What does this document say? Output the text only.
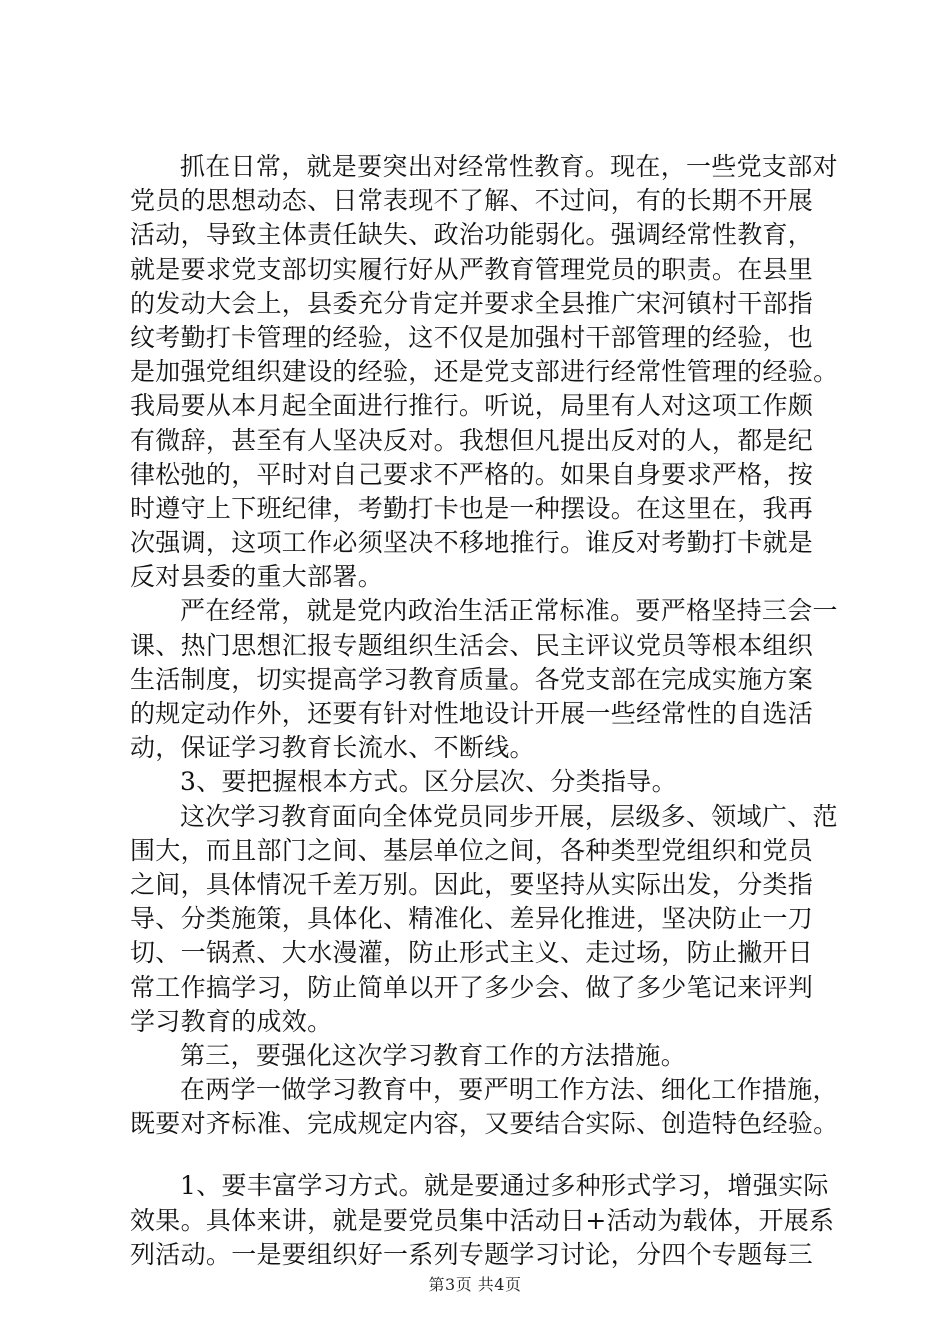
抓在日常，就是要突出对经常性教育。现在，一些党支部对
党员的思想动态、日常表现不了解、不过问，有的长期不开展
活动，导致主体责任缺失、政治功能弱化。强调经常性教育，
就是要求党支部切实履行好从严教育管理党员的职责。在县里
的发动大会上，县委充分肯定并要求全县推广宋河镇村干部指
纹考勤打卡管理的经验，这不仅是加强村干部管理的经验，也
是加强党组织建设的经验，还是党支部进行经常性管理的经验。
我局要从本月起全面进行推行。听说，局里有人对这项工作颇
有微辞，甚至有人坚决反对。我想但凡提出反对的人，都是纪
律松弛的，平时对自己要求不严格的。如果自身要求严格，按
时遵守上下班纪律，考勤打卡也是一种摆设。在这里在，我再
次强调，这项工作必须坚决不移地推行。谁反对考勤打卡就是
反对县委的重大部署。
严在经常，就是党内政治生活正常标准。要严格坚持三会一
课、热门思想汇报专题组织生活会、民主评议党员等根本组织
生活制度，切实提高学习教育质量。各党支部在完成实施方案
的规定动作外，还要有针对性地设计开展一些经常性的自选活
动，保证学习教育长流水、不断线。
3、要把握根本方式。区分层次、分类指导。
这次学习教育面向全体党员同步开展，层级多、领域广、范
围大，而且部门之间、基层单位之间，各种类型党组织和党员
之间，具体情况千差万别。因此，要坚持从实际出发，分类指
导、分类施策，具体化、精准化、差异化推进，坚决防止一刀
切、一锅煮、大水漫灌，防止形式主义、走过场，防止撇开日
常工作搞学习，防止简单以开了多少会、做了多少笔记来评判
学习教育的成效。
第三，要强化这次学习教育工作的方法措施。
在两学一做学习教育中，要严明工作方法、细化工作措施，
既要对齐标准、完成规定内容，又要结合实际、创造特色经验。
1、要丰富学习方式。就是要通过多种形式学习，增强实际
效果。具体来讲，就是要党员集中活动日+活动为载体，开展系
列活动。一是要组织好一系列专题学习讨论，分四个专题每三
第3页 共4页
